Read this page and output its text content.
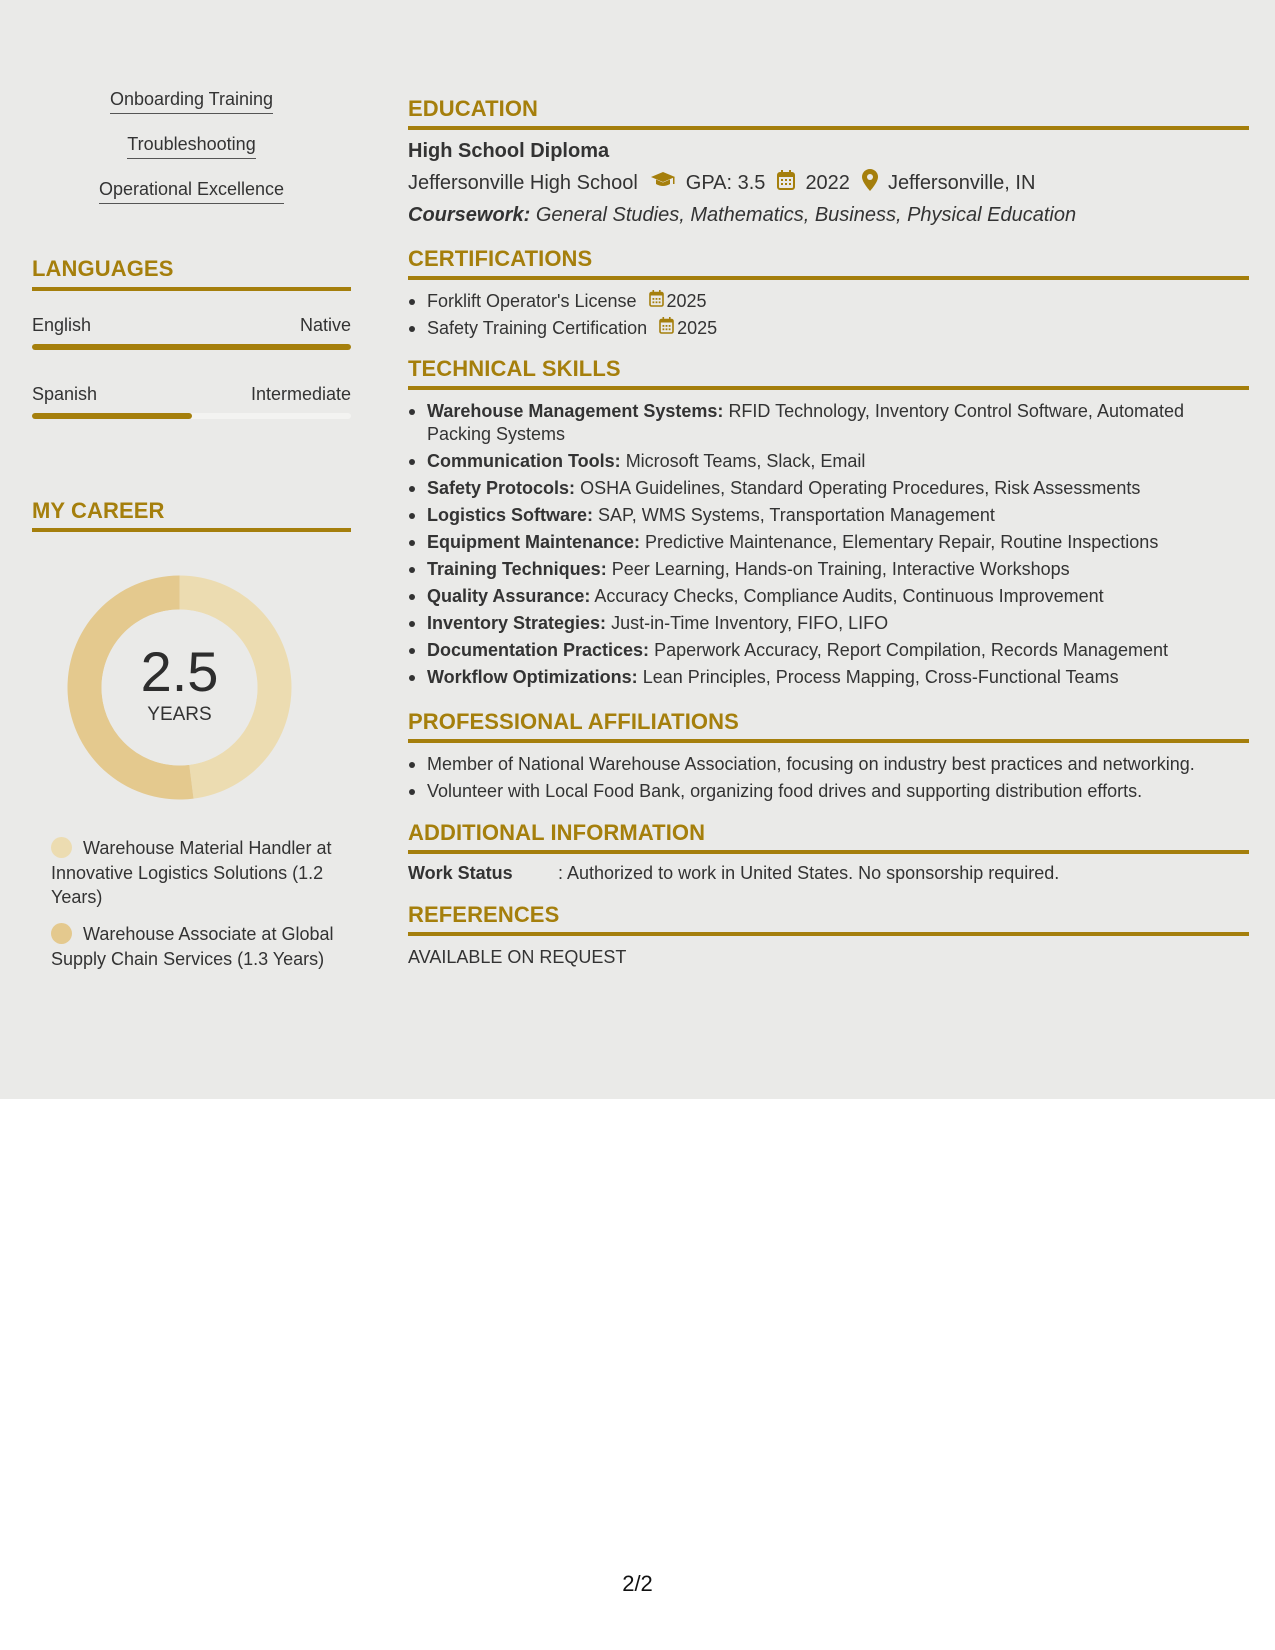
Onboarding Training
Troubleshooting
Operational Excellence
LANGUAGES
English	Native
Spanish	Intermediate
MY CAREER
2.5
YEARS
Warehouse Material Handler at Innovative Logistics Solutions (1.2 Years)
Warehouse Associate at Global Supply Chain Services (1.3 Years)
EDUCATION
High School Diploma
Jeffersonville High School GPA: 3.5 2022 Jeffersonville, IN
Coursework: General Studies, Mathematics, Business, Physical Education
CERTIFICATIONS
Forklift Operator's License 2025
Safety Training Certification 2025
TECHNICAL SKILLS
Warehouse Management Systems: RFID Technology, Inventory Control Software, Automated Packing Systems
Communication Tools: Microsoft Teams, Slack, Email
Safety Protocols: OSHA Guidelines, Standard Operating Procedures, Risk Assessments
Logistics Software: SAP, WMS Systems, Transportation Management
Equipment Maintenance: Predictive Maintenance, Elementary Repair, Routine Inspections
Training Techniques: Peer Learning, Hands-on Training, Interactive Workshops
Quality Assurance: Accuracy Checks, Compliance Audits, Continuous Improvement
Inventory Strategies: Just-in-Time Inventory, FIFO, LIFO
Documentation Practices: Paperwork Accuracy, Report Compilation, Records Management
Workflow Optimizations: Lean Principles, Process Mapping, Cross-Functional Teams
PROFESSIONAL AFFILIATIONS
Member of National Warehouse Association, focusing on industry best practices and networking.
Volunteer with Local Food Bank, organizing food drives and supporting distribution efforts.
ADDITIONAL INFORMATION
Work Status	: Authorized to work in United States. No sponsorship required.
REFERENCES
AVAILABLE ON REQUEST
2/2
